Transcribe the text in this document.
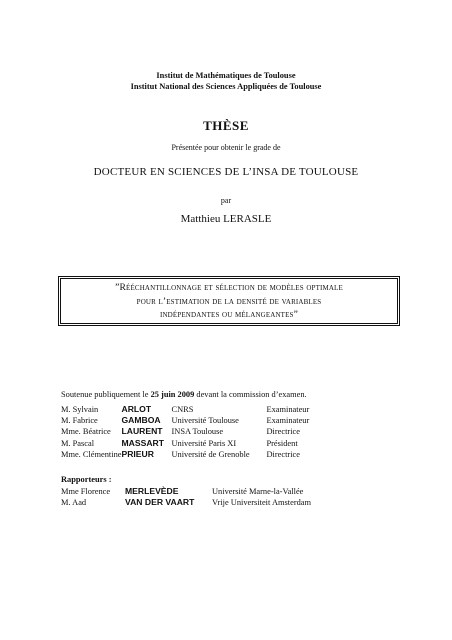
Institut de Mathématiques de Toulouse
Institut National des Sciences Appliquées de Toulouse
THÈSE
Présentée pour obtenir le grade de
DOCTEUR EN SCIENCES DE L’INSA DE TOULOUSE
par
Matthieu LERASLE
”Rééchantillonnage et sélection de modèles optimale
pour l’estimation de la densité de variables
indépendantes ou mélangeantes”
Soutenue publiquement le 25 juin 2009 devant la commission d’examen.
M. Sylvain	ARLOT	CNRS	Examinateur
M. Fabrice	GAMBOA	Université Toulouse	Examinateur
Mme. Béatrice	LAURENT	INSA Toulouse	Directrice
M. Pascal	MASSART	Université Paris XI	Président
Mme. Clémentine	PRIEUR	Université de Grenoble	Directrice
Rapporteurs :
Mme Florence	MERLEVÈDE	Université Marne-la-Vallée
M. Aad	VAN DER VAART	Vrije Universiteit Amsterdam
